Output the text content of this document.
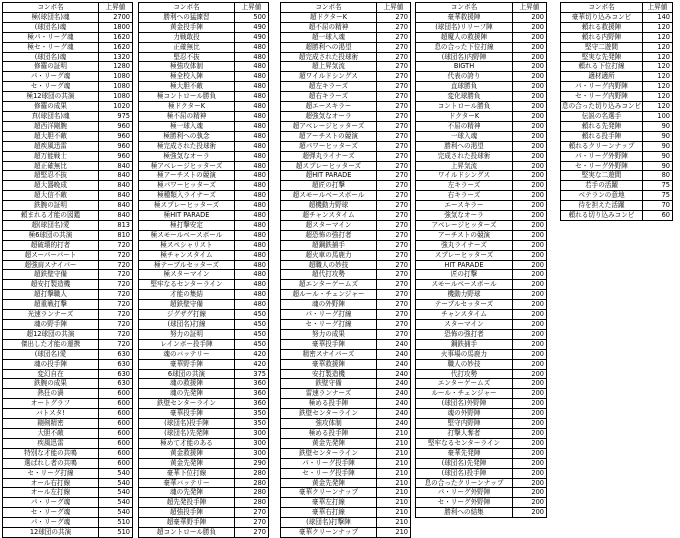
コンボ名	上昇値
極(球団名)魂	2700
(球団名)魂	1800
極パ・リーグ魂	1620
極セ・リーグ魂	1620
(球団名)魂	1320
修羅の証明	1280
パ・リーグ魂	1080
セ・リーグ魂	1080
極12球団の共演	1080
修羅の成果	1020
真(球団名)魂	975
超西洋剛腕	960
超大胆不敵	960
超疾風迅雷	960
超万能戦士	960
超正確無比	840
超堅忍不抜	840
超大器晩成	840
超大信不敵	840
鉄腕の証明	840
頼まれる才能の図鑑	840
超(球団名)愛	813
極6球団の共演	810
超破壊的打者	720
超スーパーパート	720
超強肩スナイパー	720
超鉄壁守備	720
超安打製造機	720
超打撃職人	720
超重戦打撃	720
光速ランナーズ	720
魂の野手陣	720
超12球団の共演	720
傑出した才能の運携	720
(球団名)愛	630
魂の投手陣	630
変幻自在	630
鉄腕の成果	630
熱狂の渦	600
オートグラフ	600
バトスタ!	600
剛剣精密	600
大胆不敵	600
疾風迅雷	600
特別な才能の共鳴	600
選ばれし者の共鳴	600
セ・リーグ打線	540
オール右打線	540
オール左打線	540
パ・リーグ魂	540
セ・リーグ魂	540
パ・リーグ魂	510
12球団の共演	510
コンボ名	上昇値
勝利への猛練習	500
黄金投手陣	490
力戦敢投	490
正確無比	480
堅忍不抜	480
極強攻体制	480
極全校入陣	480
極大胆不敵	480
極コントロール勝負	480
極ドクターK	480
極不屈の精神	480
極一球入魂	480
極勝利への執念	480
極完成された投球術	480
極強気なオーラ	480
極アベレージヒッターズ	480
極アーチストの競演	480
極パワーヒッターズ	480
極種類入ライナーズ	480
極スプレーヒッターズ	480
極HIT PARADE	480
極打撃安定	480
極スモールベースボール	480
極スペシャリスト	480
極チャンスタイム	480
極テーブルセッターズ	480
極スターマイン	480
堅牢なるセンターライン	480
才能の集結	480
超鉄壁守備	480
ジグザグ打線	450
(球団名)打線	450
努力の証明	450
レインボー投手陣	450
魂のバッテリー	420
豪華野手陣	420
6球団の共演	375
魂の救援陣	360
魂の先発陣	360
鉄壁センターライン	360
豪華投手陣	350
(球団名)投手陣	350
(球団名)先発陣	300
極めて才能のある	300
黄金救援陣	300
黄金先発陣	290
豪華下位打線	280
豪華バッテリー	280
魂の先発陣	280
超先発投手陣	280
超強投手陣	270
超豪華野手陣	270
超コントロール勝負	270
コンボ名	上昇値
超ドクターK	270
超不屈の精神	270
超一球入魂	270
超勝利への渇望	270
超完成された投球術	270
超上昇気流	270
超ワイルドシングス	270
超左キラーズ	270
超右キラーズ	270
超エースキラー	270
超強気なオーラ	270
超アベレージヒッターズ	270
超アーチストの競演	270
超パワーヒッターズ	270
超弾丸ライナーズ	270
超スプレーヒッターズ	270
超HIT PARADE	270
超匠の打撃	270
超スモールベースボール	270
超機動力野球	270
超チャンスタイム	270
超スターマイン	270
超恐怖の強打者	270
超鋼鉄捕手	270
超火車の馬鹿力	270
超職人の妙技	270
超代打攻勢	270
超エンターゲームズ	270
超ルール・チェンジャー	270
魂の外野陣	270
パ・リーグ打線	270
セ・リーグ打線	270
努力の成果	270
豪華投手陣	240
精密スナイパーズ	240
豪華救援陣	240
安打製造機	240
鉄壁守備	240
雷速ランナーズ	240
極める投手陣	240
鉄壁センターライン	240
強攻体制	240
極める投手陣	210
黄金先発陣	210
鉄壁センターライン	210
パ・リーグ投手陣	210
セ・リーグ投手陣	210
黄金先発陣	210
豪華クリーンナップ	210
豪華左打線	210
豪華右打線	210
(球団名)打撃陣	210
豪華クリーンナップ	210
コンボ名	上昇値
豪華救援陣	200
(球団名)リリーフ陣	200
超魔人の救援陣	200
息の合った下位打線	200
(球団名)内野陣	200
BIGTH	200
代表の誇り	200
直球勝負	200
変化球勝負	200
コントロール勝負	200
ドクターK	200
不屈の精神	200
一球入魂	200
勝利への渇望	200
完成された投球術	200
上昇気流	200
ワイルドシングス	200
左キラーズ	200
右キラーズ	200
エースキラー	200
強気なオーラ	200
アベレージヒッターズ	200
アーチストの競演	200
強丸ライナーズ	200
スプレーヒッターズ	200
HIT PARADE	200
匠の打撃	200
スモールベースボール	200
機動力野球	200
テーブルセッターズ	200
チャンスタイム	200
スターマイン	200
恐怖の強打者	200
鋼鉄捕手	200
火事場の馬鹿力	200
職人の妙技	200
代打攻勢	200
エンターゲームズ	200
ルール・チェンジャー	200
(球団名)外野陣	200
魂の外野陣	200
堅守内野陣	200
打撃人奪者	200
堅牢なるセンターライン	200
豪華先発陣	200
(球団名)先発陣	200
(球団名)投手陣	200
息の合ったクリーンナップ	200
パ・リーグ外野陣	200
セ・リーグ外野陣	200
勝利への結集	200
コンボ名	上昇値
豪華切り込みコンビ	140
頼れる救援陣	120
頼れる内野陣	120
堅守二遊間	120
堅実な先発陣	120
頼れる下位打線	120
適材適所	120
パ・リーグ内野陣	120
セ・リーグ内野陣	120
息の合った切り込みコンビ	120
伝説の名選手	100
頼れる先発陣	90
頼れる投手陣	90
頼れるクリーンナップ	90
パ・リーグ外野陣	90
セ・リーグ外野陣	90
堅実な二遊間	80
若手の活躍	75
ベテランの意地	75
待を担えた活躍	70
頼れる切り込みコンビ	60
